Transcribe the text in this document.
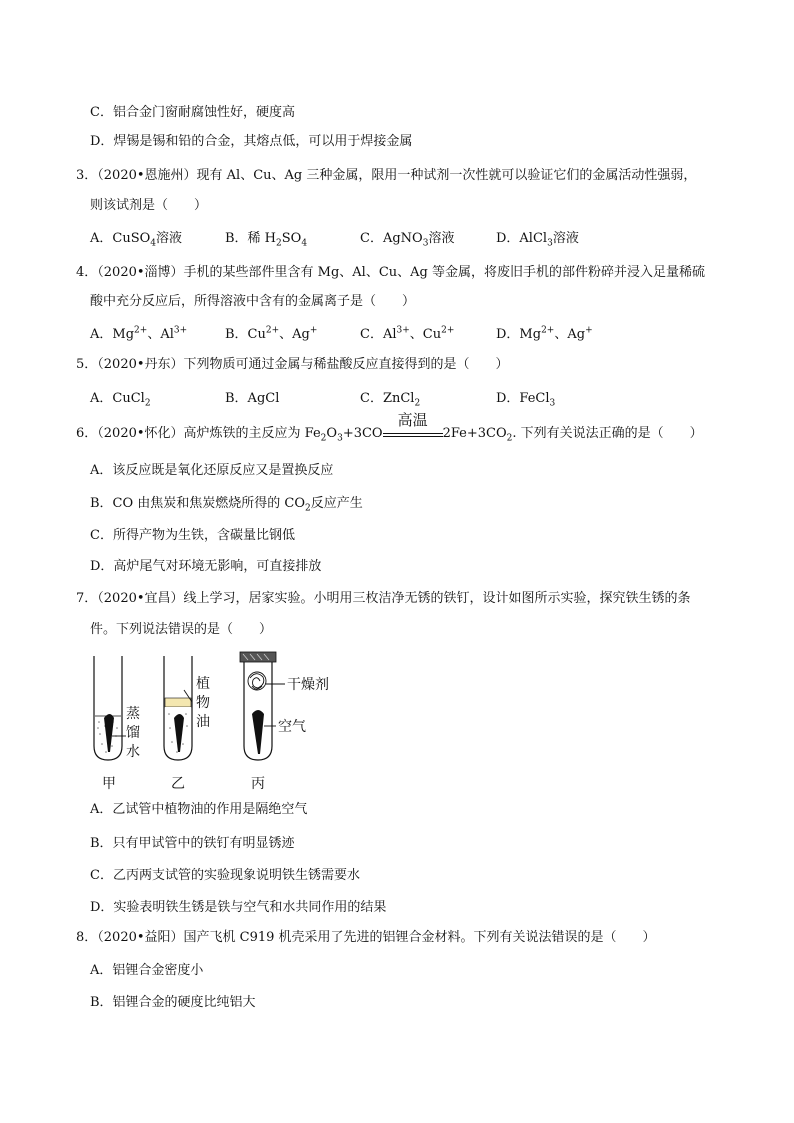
C．铝合金门窗耐腐蚀性好，硬度高
D．焊锡是锡和铅的合金，其熔点低，可以用于焊接金属
3．（2020•恩施州）现有 Al、Cu、Ag 三种金属，限用一种试剂一次性就可以验证它们的金属活动性强弱，
则该试剂是（　　）
A．CuSO$_4$溶液	B．稀 $H_2SO_4$	C．AgNO$_3$溶液	D．AlCl$_3$溶液
4．（2020•淄博）手机的某些部件里含有 Mg、Al、Cu、Ag 等金属，将废旧手机的部件粉碎并浸入足量稀硫
酸中充分反应后，所得溶液中含有的金属离子是（　　）
A．$Mg^{2+}$、$Al^{3+}$	B．$Cu^{2+}$、Ag+	C．$Al^{3+}$、$Cu^{2+}$	D．$Mg^{2+}$、Ag+
5．（2020•丹东）下列物质可通过金属与稀盐酸反应直接得到的是（　　）
A．CuCl$_2$	B．AgCl	C．ZnCl$_2$	D．FeCl$_3$
6．（2020•怀化）高炉炼铁的主反应为 $Fe_2O_3+3CO$
高温
$2Fe+3CO_2$. 下列有关说法正确的是（　　）
A．该反应既是氧化还原反应又是置换反应
B．CO 由焦炭和焦炭燃烧所得的 $CO_2$反应产生
C．所得产物为生铁，含碳量比钢低
D．高炉尾气对环境无影响，可直接排放
7．（2020•宜昌）线上学习，居家实验。小明用三枚洁净无锈的铁钉，设计如图所示实验，探究铁生锈的条
件。下列说法错误的是（　　）
蒸
馏
水
植
物
油
干燥剂
空气
甲	乙	丙
A．乙试管中植物油的作用是隔绝空气
B．只有甲试管中的铁钉有明显锈迹
C．乙丙两支试管的实验现象说明铁生锈需要水
D．实验表明铁生锈是铁与空气和水共同作用的结果
8．（2020•益阳）国产飞机 C919 机壳采用了先进的铝锂合金材料。下列有关说法错误的是（　　）
A．铝锂合金密度小
B．铝锂合金的硬度比纯铝大
